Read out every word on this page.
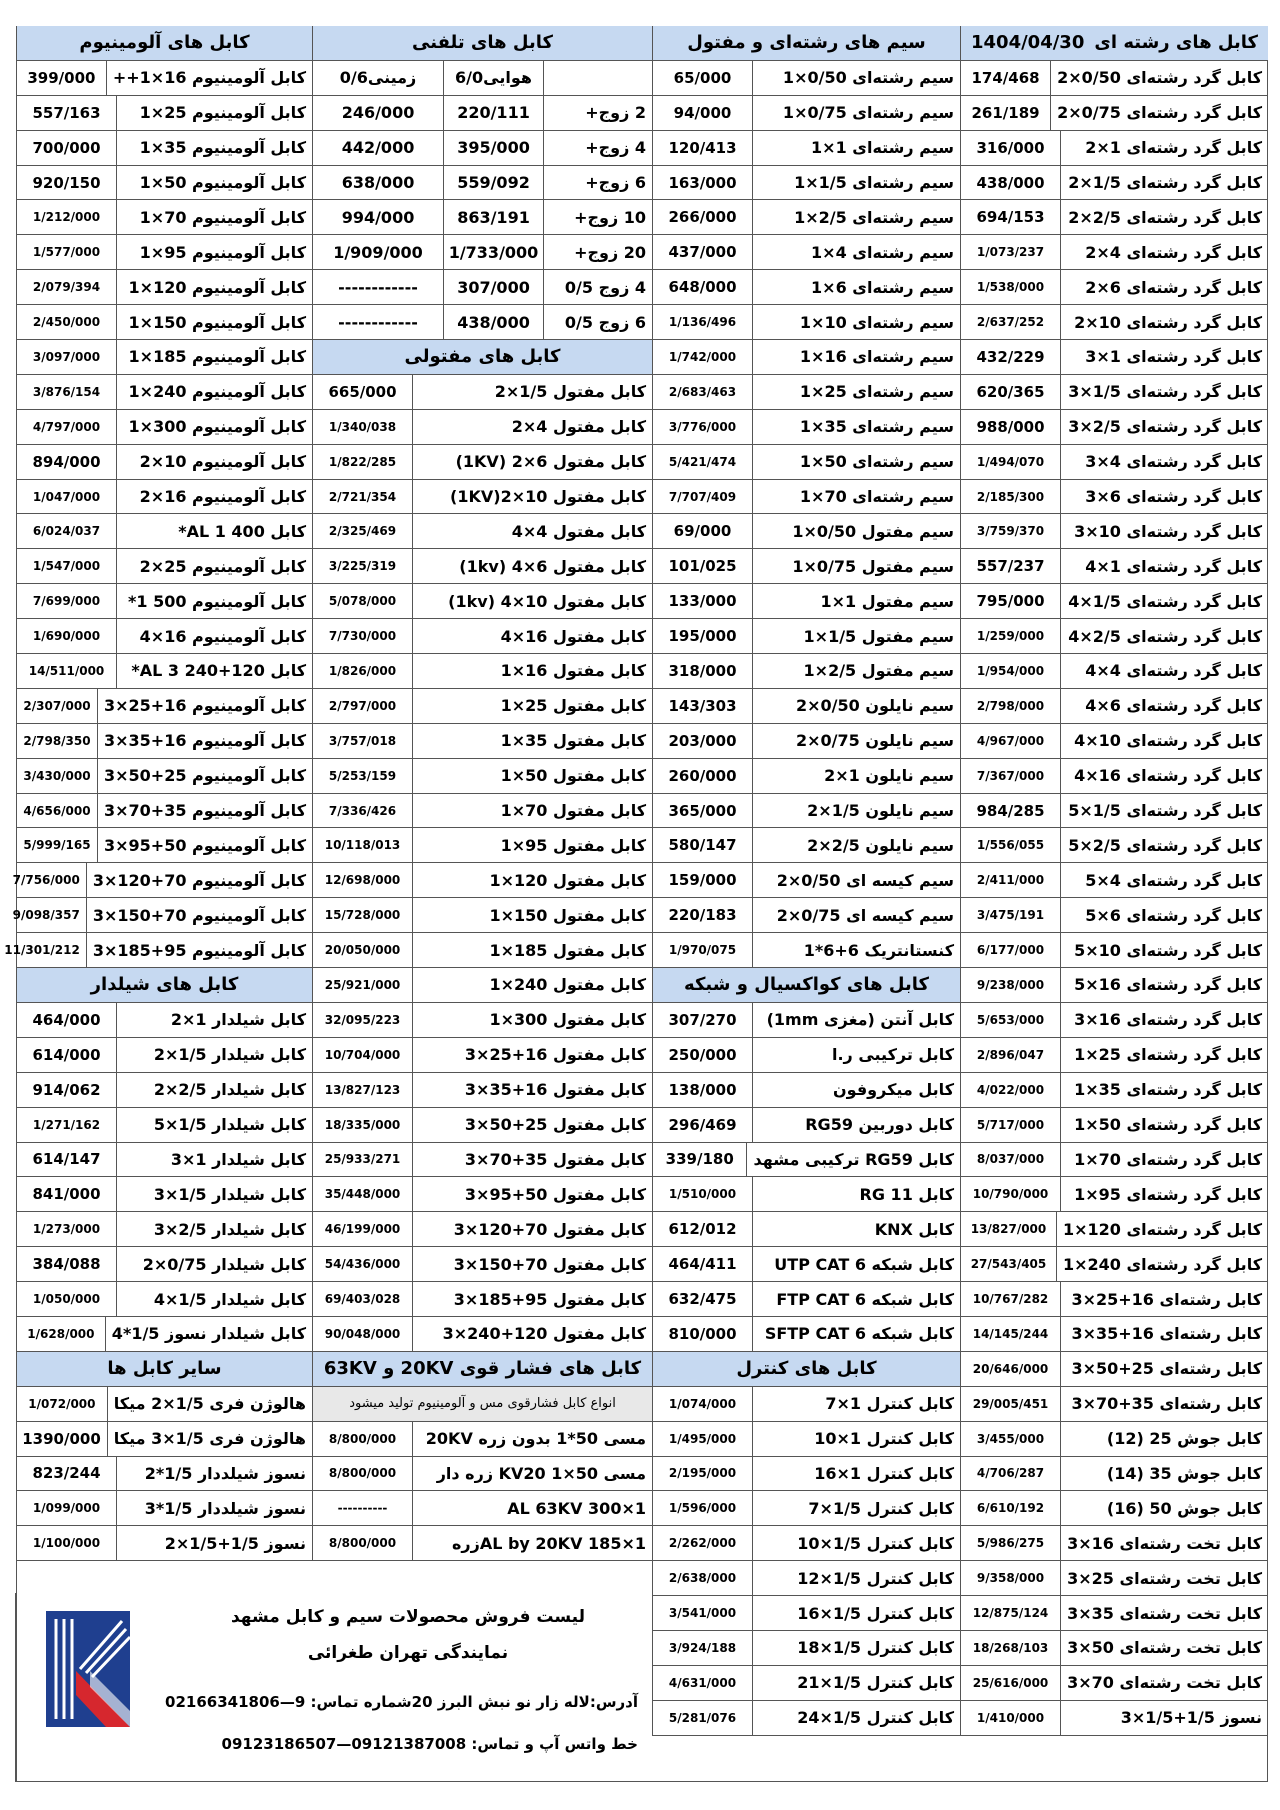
کابل های رشته ای
1404/04/30
کابل گرد رشته‌ای 0/50×2
174/468
کابل گرد رشته‌ای 0/75×2
261/189
کابل گرد رشته‌ای 1×2
316/000
کابل گرد رشته‌ای 1/5×2
438/000
کابل گرد رشته‌ای 2/5×2
694/153
کابل گرد رشته‌ای 4×2
1/073/237
کابل گرد رشته‌ای 6×2
1/538/000
کابل گرد رشته‌ای 10×2
2/637/252
کابل گرد رشته‌ای 1×3
432/229
کابل گرد رشته‌ای 1/5×3
620/365
کابل گرد رشته‌ای 2/5×3
988/000
کابل گرد رشته‌ای 4×3
1/494/070
کابل گرد رشته‌ای 6×3
2/185/300
کابل گرد رشته‌ای 10×3
3/759/370
کابل گرد رشته‌ای 1×4
557/237
کابل گرد رشته‌ای 1/5×4
795/000
کابل گرد رشته‌ای 2/5×4
1/259/000
کابل گرد رشته‌ای 4×4
1/954/000
کابل گرد رشته‌ای 6×4
2/798/000
کابل گرد رشته‌ای 10×4
4/967/000
کابل گرد رشته‌ای 16×4
7/367/000
کابل گرد رشته‌ای 1/5×5
984/285
کابل گرد رشته‌ای 2/5×5
1/556/055
کابل گرد رشته‌ای 4×5
2/411/000
کابل گرد رشته‌ای 6×5
3/475/191
کابل گرد رشته‌ای 10×5
6/177/000
کابل گرد رشته‌ای 16×5
9/238/000
کابل گرد رشته‌ای 16×3
5/653/000
کابل گرد رشته‌ای 25×1
2/896/047
کابل گرد رشته‌ای 35×1
4/022/000
کابل گرد رشته‌ای 50×1
5/717/000
کابل گرد رشته‌ای 70×1
8/037/000
کابل گرد رشته‌ای 95×1
10/790/000
کابل گرد رشته‌ای 120×1
13/827/000
کابل گرد رشته‌ای 240×1
27/543/405
کابل رشته‌ای 16+25×3
10/767/282
کابل رشته‌ای 16+35×3
14/145/244
کابل رشته‌ای 25+50×3
20/646/000
کابل رشته‌ای 35+70×3
29/005/451
کابل جوش 25 (12)
3/455/000
کابل جوش 35 (14)
4/706/287
کابل جوش 50 (16)
6/610/192
کابل تخت رشته‌ای 16×3
5/986/275
کابل تخت رشته‌ای 25×3
9/358/000
کابل تخت رشته‌ای 35×3
12/875/124
کابل تخت رشته‌ای 50×3
18/268/103
کابل تخت رشته‌ای 70×3
25/616/000
نسوز 1/5+1/5×3
1/410/000
سیم های رشته‌ای و مفتول
سیم رشته‌ای 0/50×1
65/000
سیم رشته‌ای 0/75×1
94/000
سیم رشته‌ای 1×1
120/413
سیم رشته‌ای 1/5×1
163/000
سیم رشته‌ای 2/5×1
266/000
سیم رشته‌ای 4×1
437/000
سیم رشته‌ای 6×1
648/000
سیم رشته‌ای 10×1
1/136/496
سیم رشته‌ای 16×1
1/742/000
سیم رشته‌ای 25×1
2/683/463
سیم رشته‌ای 35×1
3/776/000
سیم رشته‌ای 50×1
5/421/474
سیم رشته‌ای 70×1
7/707/409
سیم مفتول 0/50×1
69/000
سیم مفتول 0/75×1
101/025
سیم مفتول 1×1
133/000
سیم مفتول 1/5×1
195/000
سیم مفتول 2/5×1
318/000
سیم نایلون 0/50×2
143/303
سیم نایلون 0/75×2
203/000
سیم نایلون 1×2
260/000
سیم نایلون 1/5×2
365/000
سیم نایلون 2/5×2
580/147
سیم کیسه ای 0/50×2
159/000
سیم کیسه ای 0/75×2
220/183
کنستانتریک 6+6*1
1/970/075
کابل های کواکسیال و شبکه
کابل آنتن (مغزی 1mm)
307/270
کابل ترکیبی ر.ا
250/000
کابل میکروفون
138/000
کابل دوربین RG59
296/469
کابل RG59 ترکیبی مشهد
339/180
کابل RG 11
1/510/000
کابل KNX
612/012
کابل شبکه UTP CAT 6
464/411
کابل شبکه FTP CAT 6
632/475
کابل شبکه SFTP CAT 6
810/000
کابل های کنترل
کابل کنترل 1×7
1/074/000
کابل کنترل 1×10
1/495/000
کابل کنترل 1×16
2/195/000
کابل کنترل 1/5×7
1/596/000
کابل کنترل 1/5×10
2/262/000
کابل کنترل 1/5×12
2/638/000
کابل کنترل 1/5×16
3/541/000
کابل کنترل 1/5×18
3/924/188
کابل کنترل 1/5×21
4/631/000
کابل کنترل 1/5×24
5/281/076
کابل های تلفنی
هوایی6/0
زمینی0/6
2 زوج+
220/111
246/000
4 زوج+
395/000
442/000
6 زوج+
559/092
638/000
10 زوج+
863/191
994/000
20 زوج+
1/733/000
1/909/000
4 زوج 0/5
307/000
------------
6 زوج 0/5
438/000
------------
کابل های مفتولی
کابل مفتول 1/5×2
665/000
کابل مفتول 4×2
1/340/038
کابل مفتول 6×2 (1KV)
1/822/285
کابل مفتول 10×2(1KV)
2/721/354
کابل مفتول 4×4
2/325/469
کابل مفتول 6×4 (1kv)
3/225/319
کابل مفتول 10×4 (1kv)
5/078/000
کابل مفتول 16×4
7/730/000
کابل مفتول 16×1
1/826/000
کابل مفتول 25×1
2/797/000
کابل مفتول 35×1
3/757/018
کابل مفتول 50×1
5/253/159
کابل مفتول 70×1
7/336/426
کابل مفتول 95×1
10/118/013
کابل مفتول 120×1
12/698/000
کابل مفتول 150×1
15/728/000
کابل مفتول 185×1
20/050/000
کابل مفتول 240×1
25/921/000
کابل مفتول 300×1
32/095/223
کابل مفتول 16+25×3
10/704/000
کابل مفتول 16+35×3
13/827/123
کابل مفتول 25+50×3
18/335/000
کابل مفتول 35+70×3
25/933/271
کابل مفتول 50+95×3
35/448/000
کابل مفتول 70+120×3
46/199/000
کابل مفتول 70+150×3
54/436/000
کابل مفتول 95+185×3
69/403/028
کابل مفتول 120+240×3
90/048/000
کابل های فشار قوی 20KV و 63KV
انواع کابل فشارقوی مس و آلومینیوم تولید میشود
مسی 50*1 بدون زره 20KV
8/800/000
مسی 50×1 KV20 زره دار
8/800/000
1×300 AL 63KV
----------
1×185 AL by 20KVزره
8/800/000
کابل های آلومینیوم
کابل آلومینیوم 16×1++
399/000
کابل آلومینیوم 25×1
557/163
کابل آلومینیوم 35×1
700/000
کابل آلومینیوم 50×1
920/150
کابل آلومینیوم 70×1
1/212/000
کابل آلومینیوم 95×1
1/577/000
کابل آلومینیوم 120×1
2/079/394
کابل آلومینیوم 150×1
2/450/000
کابل آلومینیوم 185×1
3/097/000
کابل آلومینیوم 240×1
3/876/154
کابل آلومینیوم 300×1
4/797/000
کابل آلومینیوم 10×2
894/000
کابل آلومینیوم 16×2
1/047/000
کابل 400 AL 1*
6/024/037
کابل آلومینیوم 25×2
1/547/000
کابل آلومینیوم 500 1*
7/699/000
کابل آلومینیوم 16×4
1/690/000
کابل 120+240 AL 3*
14/511/000
کابل آلومینیوم 16+25×3
2/307/000
کابل آلومینیوم 16+35×3
2/798/350
کابل آلومینیوم 25+50×3
3/430/000
کابل آلومینیوم 35+70×3
4/656/000
کابل آلومینیوم 50+95×3
5/999/165
کابل آلومینیوم 70+120×3
7/756/000
کابل آلومینیوم 70+150×3
9/098/357
کابل آلومینیوم 95+185×3
11/301/212
کابل های شیلدار
کابل شیلدار 1×2
464/000
کابل شیلدار 1/5×2
614/000
کابل شیلدار 2/5×2
914/062
کابل شیلدار 1/5×5
1/271/162
کابل شیلدار 1×3
614/147
کابل شیلدار 1/5×3
841/000
کابل شیلدار 2/5×3
1/273/000
کابل شیلدار 0/75×2
384/088
کابل شیلدار 1/5×4
1/050/000
کابل شیلدار نسوز 1/5*4
1/628/000
سایر کابل ها
هالوژن فری 1/5×2 میکا
1/072/000
هالوژن فری 1/5×3 میکا
1390/000
نسوز شیلددار 1/5*2
823/244
نسوز شیلددار 1/5*3
1/099/000
نسوز 1/5+1/5×2
1/100/000
لیست فروش محصولات سیم و کابل مشهد
نمایندگی تهران طغرائی
آدرس:لاله زار نو نبش البرز 20شماره تماس: 9—02166341806
خط واتس آپ و تماس: 09121387008—09123186507
